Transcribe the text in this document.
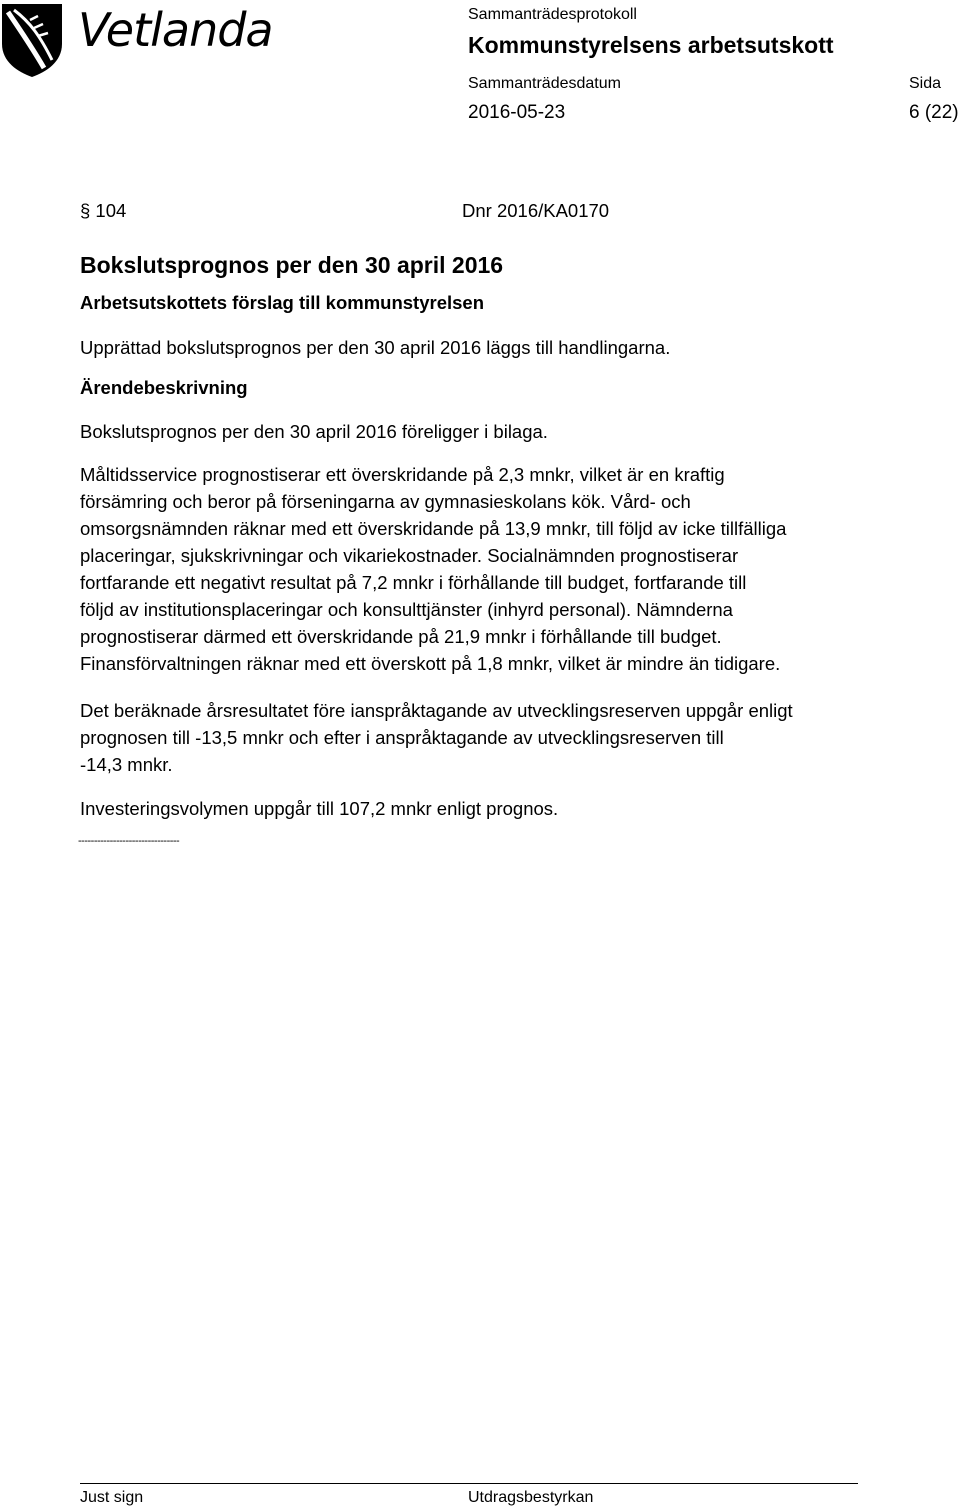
Vetlanda	Sammanträdesprotokoll
Kommunstyrelsens arbetsutskott
Sammanträdesdatum
2016-05-23
Sida
6 (22)
§ 104	Dnr 2016/KA0170
Bokslutsprognos per den 30 april 2016
Arbetsutskottets förslag till kommunstyrelsen
Upprättad bokslutsprognos per den 30 april 2016 läggs till handlingarna.
Ärendebeskrivning
Bokslutsprognos per den 30 april 2016 föreligger i bilaga.
Måltidsservice prognostiserar ett överskridande på 2,3 mnkr, vilket är en kraftig
försämring och beror på förseningarna av gymnasieskolans kök. Vård- och
omsorgsnämnden räknar med ett överskridande på 13,9 mnkr, till följd av icke tillfälliga
placeringar, sjukskrivningar och vikariekostnader. Socialnämnden prognostiserar
fortfarande ett negativt resultat på 7,2 mnkr i förhållande till budget, fortfarande till
följd av institutionsplaceringar och konsulttjänster (inhyrd personal). Nämnderna
prognostiserar därmed ett överskridande på 21,9 mnkr i förhållande till budget.
Finansförvaltningen räknar med ett överskott på 1,8 mnkr, vilket är mindre än tidigare.
Det beräknade årsresultatet före ianspråktagande av utvecklingsreserven uppgår enligt
prognosen till -13,5 mnkr och efter i anspråktagande av utvecklingsreserven till
-14,3 mnkr.
Investeringsvolymen uppgår till 107,2 mnkr enligt prognos.
--------------------------------
Just sign	Utdragsbestyrkan
